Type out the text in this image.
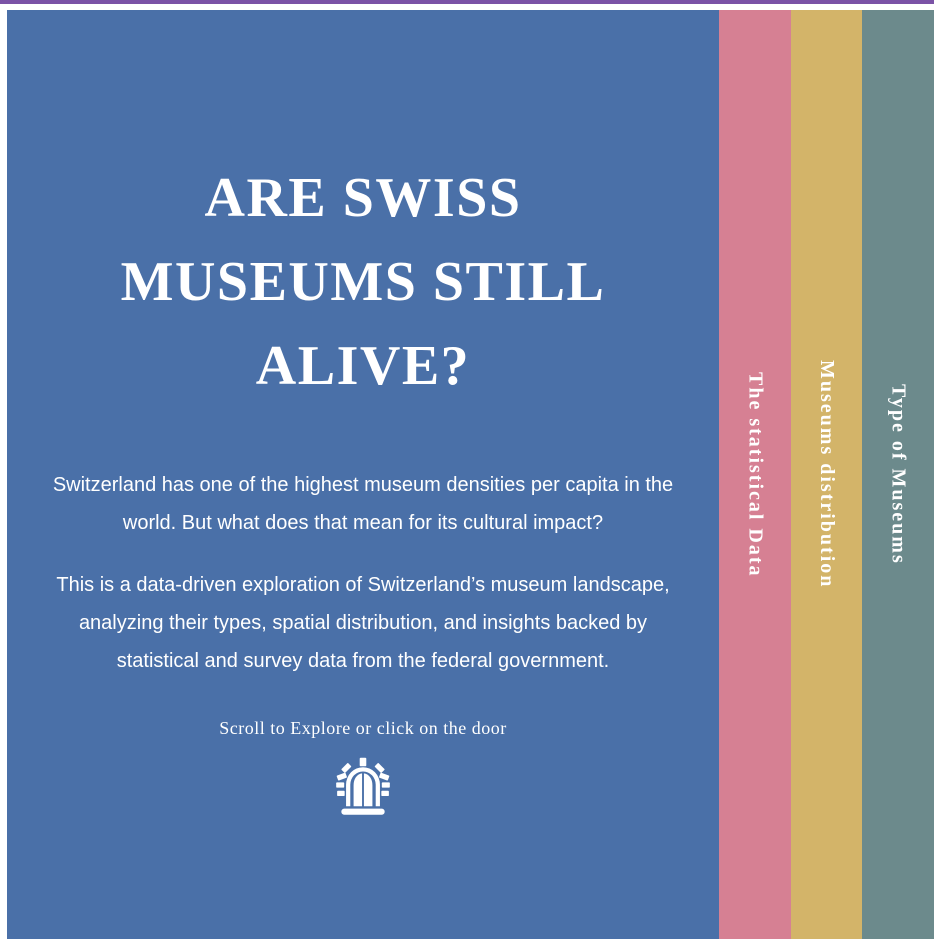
ARE SWISS
MUSEUMS STILL
ALIVE?

Switzerland has one of the highest museum densities per capita in the world. But what does that mean for its cultural impact?

This is a data-driven exploration of Switzerland’s museum landscape, analyzing their types, spatial distribution, and insights backed by statistical and survey data from the federal government.

Scroll to Explore or click on the door

The statistical Data Museums distribution Type of Museums
